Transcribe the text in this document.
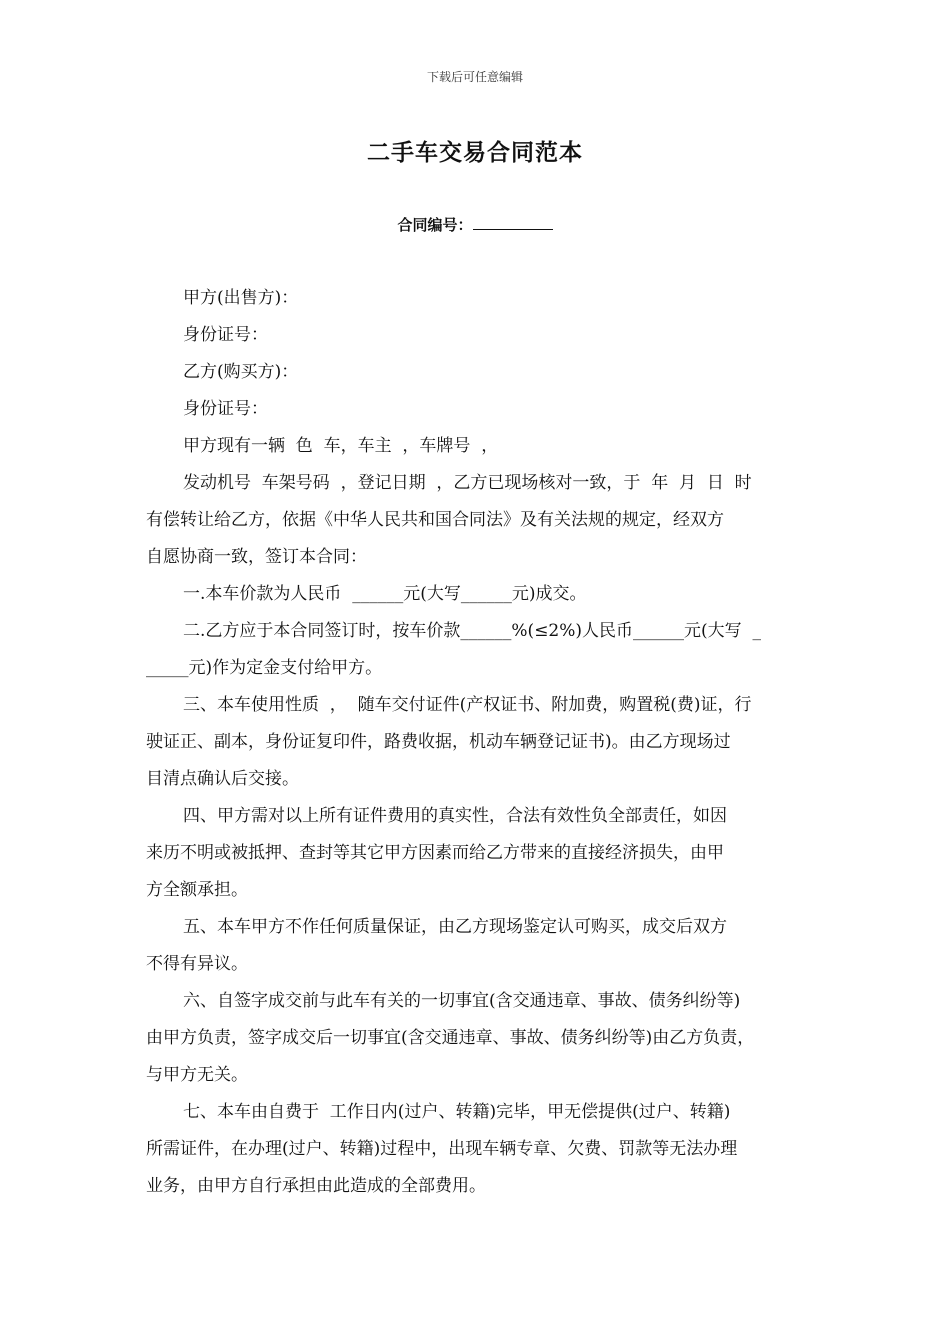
下载后可任意编辑
二手车交易合同范本
合同编号：
甲方(出售方)：
身份证号：
乙方(购买方)：
身份证号：
甲方现有一辆  色  车，车主  ，车牌号  ，
发动机号  车架号码  ，登记日期  ，乙方已现场核对一致，于  年  月  日  时
有偿转让给乙方，依据《中华人民共和国合同法》及有关法规的规定，经双方
自愿协商一致，签订本合同：
一.本车价款为人民币  ______元(大写______元)成交。
二.乙方应于本合同签订时，按车价款______%(≤2%)人民币______元(大写  _
_____元)作为定金支付给甲方。
三、本车使用性质  ，  随车交付证件(产权证书、附加费，购置税(费)证，行
驶证正、副本，身份证复印件，路费收据，机动车辆登记证书)。由乙方现场过
目清点确认后交接。
四、甲方需对以上所有证件费用的真实性，合法有效性负全部责任，如因
来历不明或被抵押、查封等其它甲方因素而给乙方带来的直接经济损失，由甲
方全额承担。
五、本车甲方不作任何质量保证，由乙方现场鉴定认可购买，成交后双方
不得有异议。
六、自签字成交前与此车有关的一切事宜(含交通违章、事故、债务纠纷等)
由甲方负责，签字成交后一切事宜(含交通违章、事故、债务纠纷等)由乙方负责，
与甲方无关。
七、本车由自费于  工作日内(过户、转籍)完毕，甲无偿提供(过户、转籍)
所需证件，在办理(过户、转籍)过程中，出现车辆专章、欠费、罚款等无法办理
业务，由甲方自行承担由此造成的全部费用。
